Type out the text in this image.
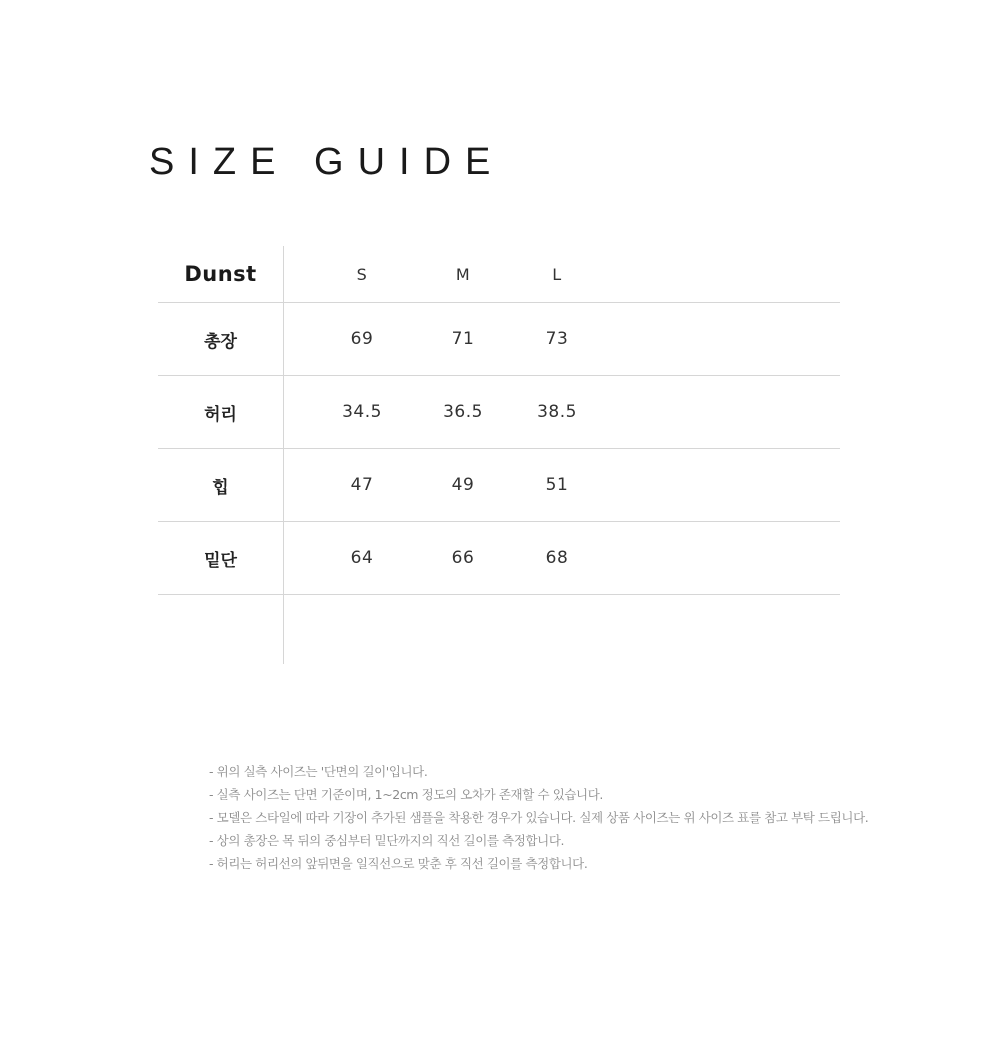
SIZE GUIDE
Dunst	S	M	L
총장	69	71	73
허리	34.5	36.5	38.5
힙	47	49	51
밑단	64	66	68
- 위의 실측 사이즈는 '단면의 길이'입니다.
- 실측 사이즈는 단면 기준이며, 1~2cm 정도의 오차가 존재할 수 있습니다.
- 모델은 스타일에 따라 기장이 추가된 샘플을 착용한 경우가 있습니다. 실제 상품 사이즈는 위 사이즈 표를 참고 부탁 드립니다.
- 상의 총장은 목 뒤의 중심부터 밑단까지의 직선 길이를 측정합니다.
- 허리는 허리선의 앞뒤면을 일직선으로 맞춘 후 직선 길이를 측정합니다.
